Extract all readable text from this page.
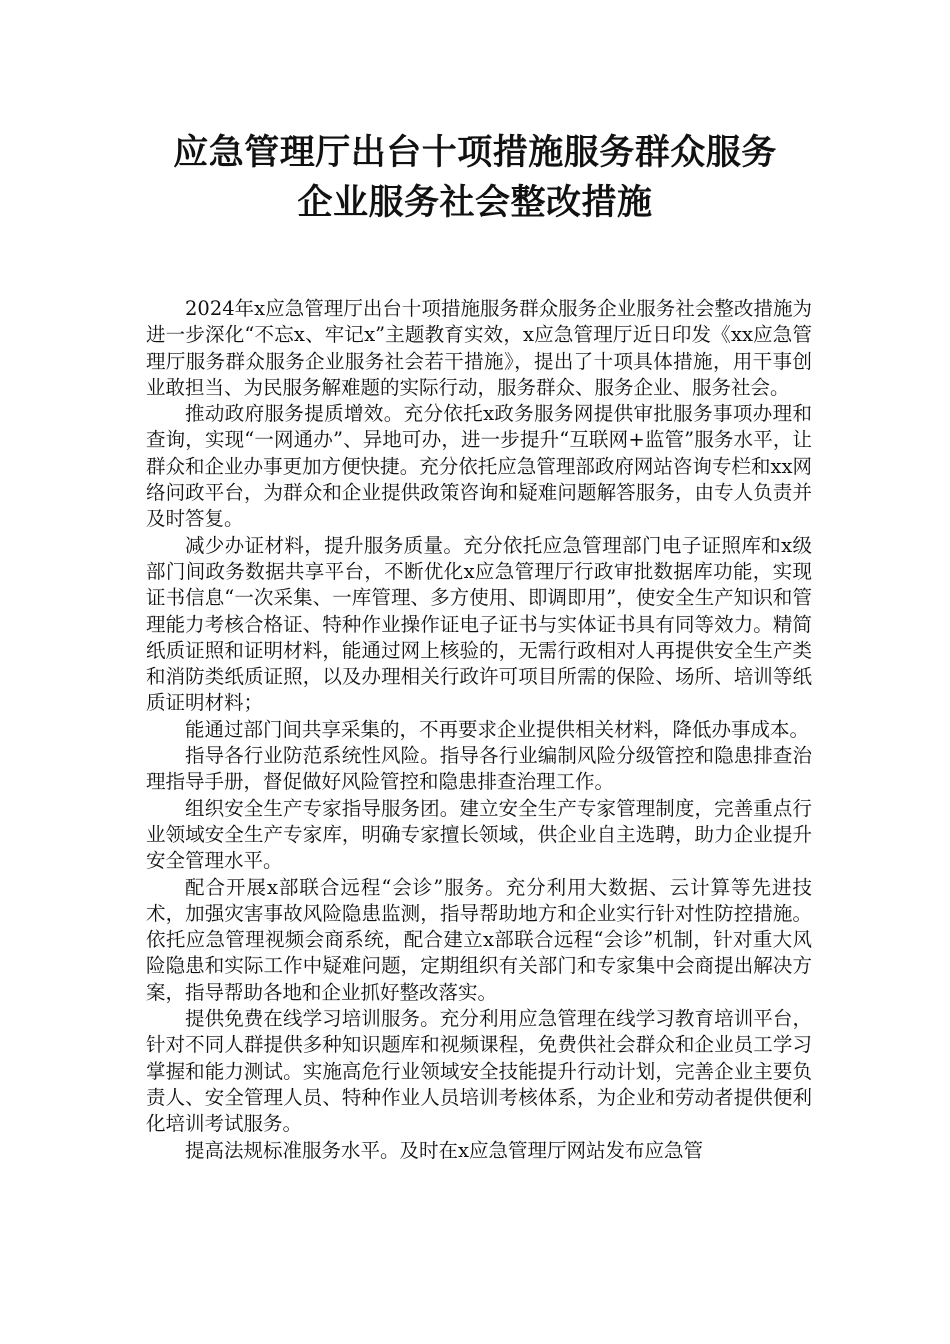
应急管理厅出台十项措施服务群众服务
企业服务社会整改措施

2024年x应急管理厅出台十项措施服务群众服务企业服务社会整改措施为进一步深化“不忘x、牢记x”主题教育实效，x应急管理厅近日印发《xx应急管理厅服务群众服务企业服务社会若干措施》，提出了十项具体措施，用干事创业敢担当、为民服务解难题的实际行动，服务群众、服务企业、服务社会。

推动政府服务提质增效。充分依托x政务服务网提供审批服务事项办理和查询，实现“一网通办”、异地可办，进一步提升“互联网+监管”服务水平，让群众和企业办事更加方便快捷。充分依托应急管理部政府网站咨询专栏和xx网络问政平台，为群众和企业提供政策咨询和疑难问题解答服务，由专人负责并及时答复。

减少办证材料，提升服务质量。充分依托应急管理部门电子证照库和x级部门间政务数据共享平台，不断优化x应急管理厅行政审批数据库功能，实现证书信息“一次采集、一库管理、多方使用、即调即用”，使安全生产知识和管理能力考核合格证、特种作业操作证电子证书与实体证书具有同等效力。精简纸质证照和证明材料，能通过网上核验的，无需行政相对人再提供安全生产类和消防类纸质证照，以及办理相关行政许可项目所需的保险、场所、培训等纸质证明材料；

能通过部门间共享采集的，不再要求企业提供相关材料，降低办事成本。

指导各行业防范系统性风险。指导各行业编制风险分级管控和隐患排查治理指导手册，督促做好风险管控和隐患排查治理工作。

组织安全生产专家指导服务团。建立安全生产专家管理制度，完善重点行业领域安全生产专家库，明确专家擅长领域，供企业自主选聘，助力企业提升安全管理水平。

配合开展x部联合远程“会诊”服务。充分利用大数据、云计算等先进技术，加强灾害事故风险隐患监测，指导帮助地方和企业实行针对性防控措施。依托应急管理视频会商系统，配合建立x部联合远程“会诊”机制，针对重大风险隐患和实际工作中疑难问题，定期组织有关部门和专家集中会商提出解决方案，指导帮助各地和企业抓好整改落实。

提供免费在线学习培训服务。充分利用应急管理在线学习教育培训平台，针对不同人群提供多种知识题库和视频课程，免费供社会群众和企业员工学习掌握和能力测试。实施高危行业领域安全技能提升行动计划，完善企业主要负责人、安全管理人员、特种作业人员培训考核体系，为企业和劳动者提供便利化培训考试服务。

提高法规标准服务水平。及时在x应急管理厅网站发布应急管
